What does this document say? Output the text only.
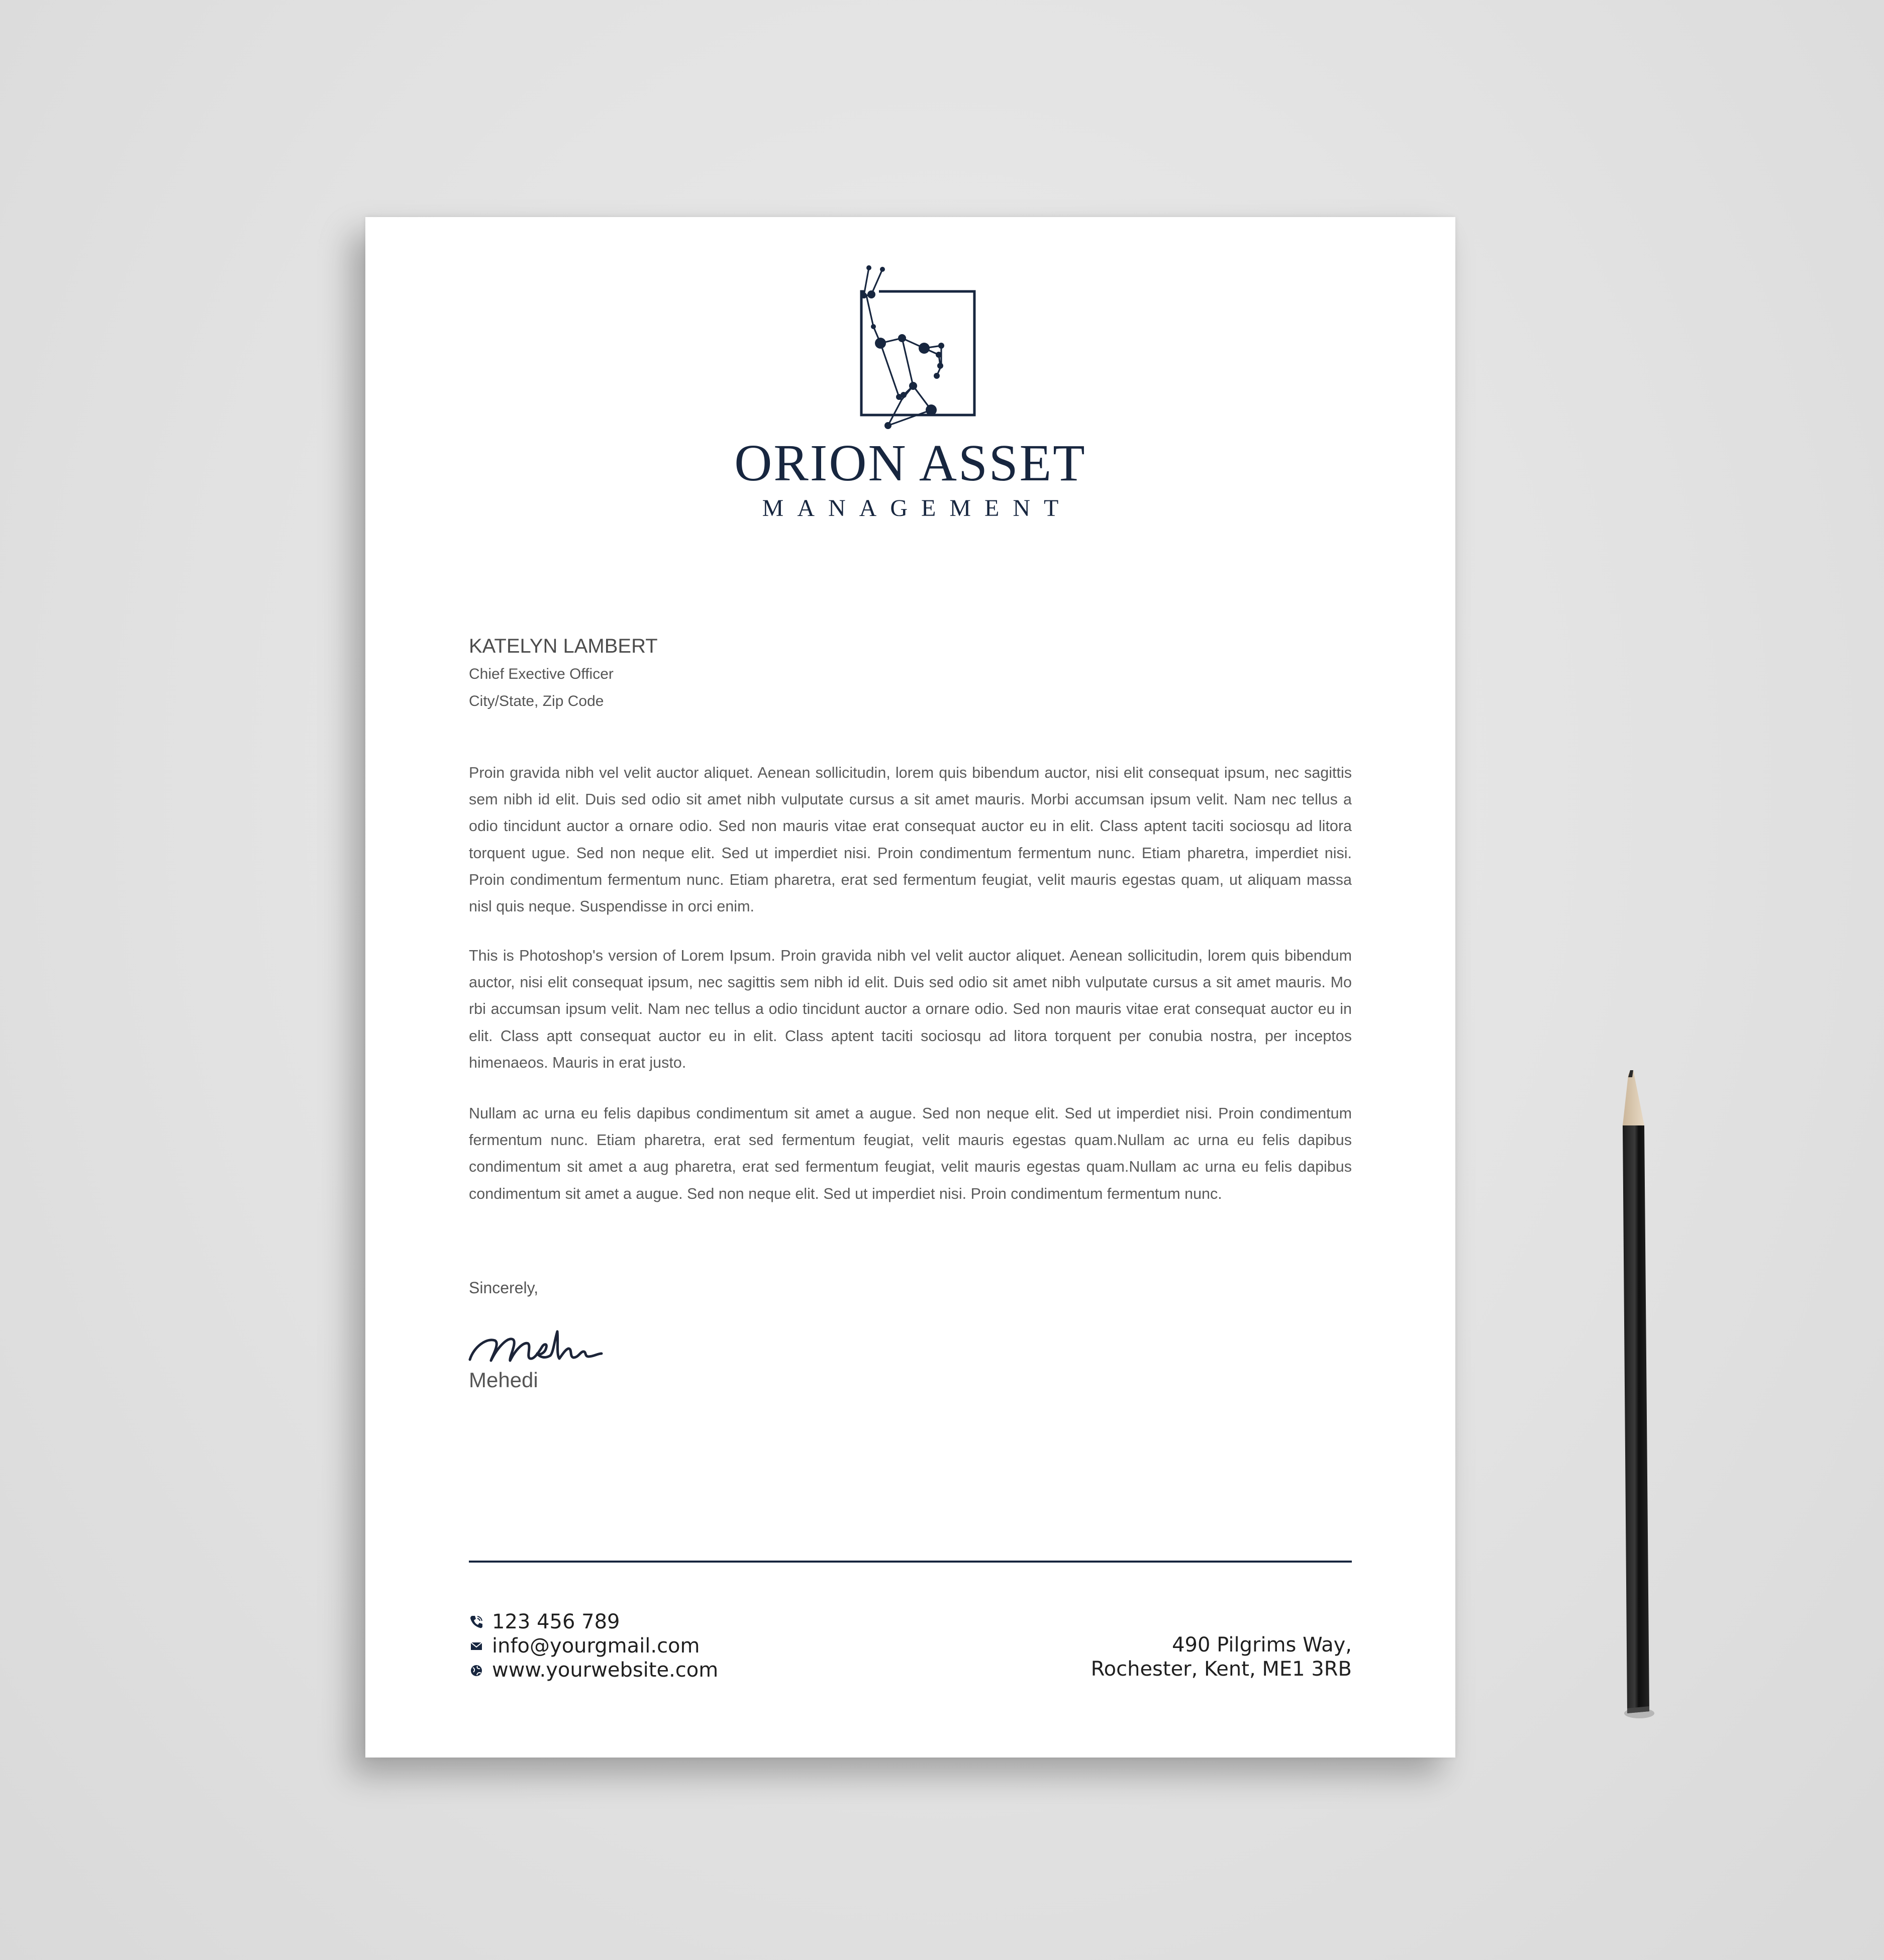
ORION ASSET
MANAGEMENT
KATELYN LAMBERT
Chief Exective Officer
City/State, Zip Code

Proin gravida nibh vel velit auctor aliquet. Aenean sollicitudin, lorem quis bibendum auctor, nisi elit consequat ipsum, nec sagittis sem nibh id elit. Duis sed odio sit amet nibh vulputate cursus a sit amet mauris. Morbi accumsan ipsum velit. Nam nec tellus a odio tincidunt auctor a ornare odio. Sed non mauris vitae erat consequat auctor eu in elit. Class aptent taciti sociosqu ad litora torquent ugue. Sed non neque elit. Sed ut imperdiet nisi. Proin condimentum fermentum nunc. Etiam pharetra, imperdiet nisi. Proin condimentum fermentum nunc. Etiam pharetra, erat sed fermentum feugiat, velit mauris egestas quam, ut aliquam massa nisl quis neque. Suspendisse in orci enim.

This is Photoshop's version of Lorem Ipsum. Proin gravida nibh vel velit auctor aliquet. Aenean sollicitudin, lorem quis bibendum auctor, nisi elit consequat ipsum, nec sagittis sem nibh id elit. Duis sed odio sit amet nibh vulputate cursus a sit amet mauris. Mo rbi accumsan ipsum velit. Nam nec tellus a odio tincidunt auctor a ornare odio. Sed non mauris vitae erat consequat auctor eu in elit. Class aptt consequat auctor eu in elit. Class aptent taciti sociosqu ad litora torquent per conubia nostra, per inceptos himenaeos. Mauris in erat justo.

Nullam ac urna eu felis dapibus condimentum sit amet a augue. Sed non neque elit. Sed ut imperdiet nisi. Proin condimentum fermentum nunc. Etiam pharetra, erat sed fermentum feugiat, velit mauris egestas quam.Nullam ac urna eu felis dapibus condimentum sit amet a aug pharetra, erat sed fermentum feugiat, velit mauris egestas quam.Nullam ac urna eu felis dapibus condimentum sit amet a augue. Sed non neque elit. Sed ut imperdiet nisi. Proin condimentum fermentum nunc.

Sincerely,
Mehedi
123 456 789
info@yourgmail.com
www.yourwebsite.com
490 Pilgrims Way,
Rochester, Kent, ME1 3RB
